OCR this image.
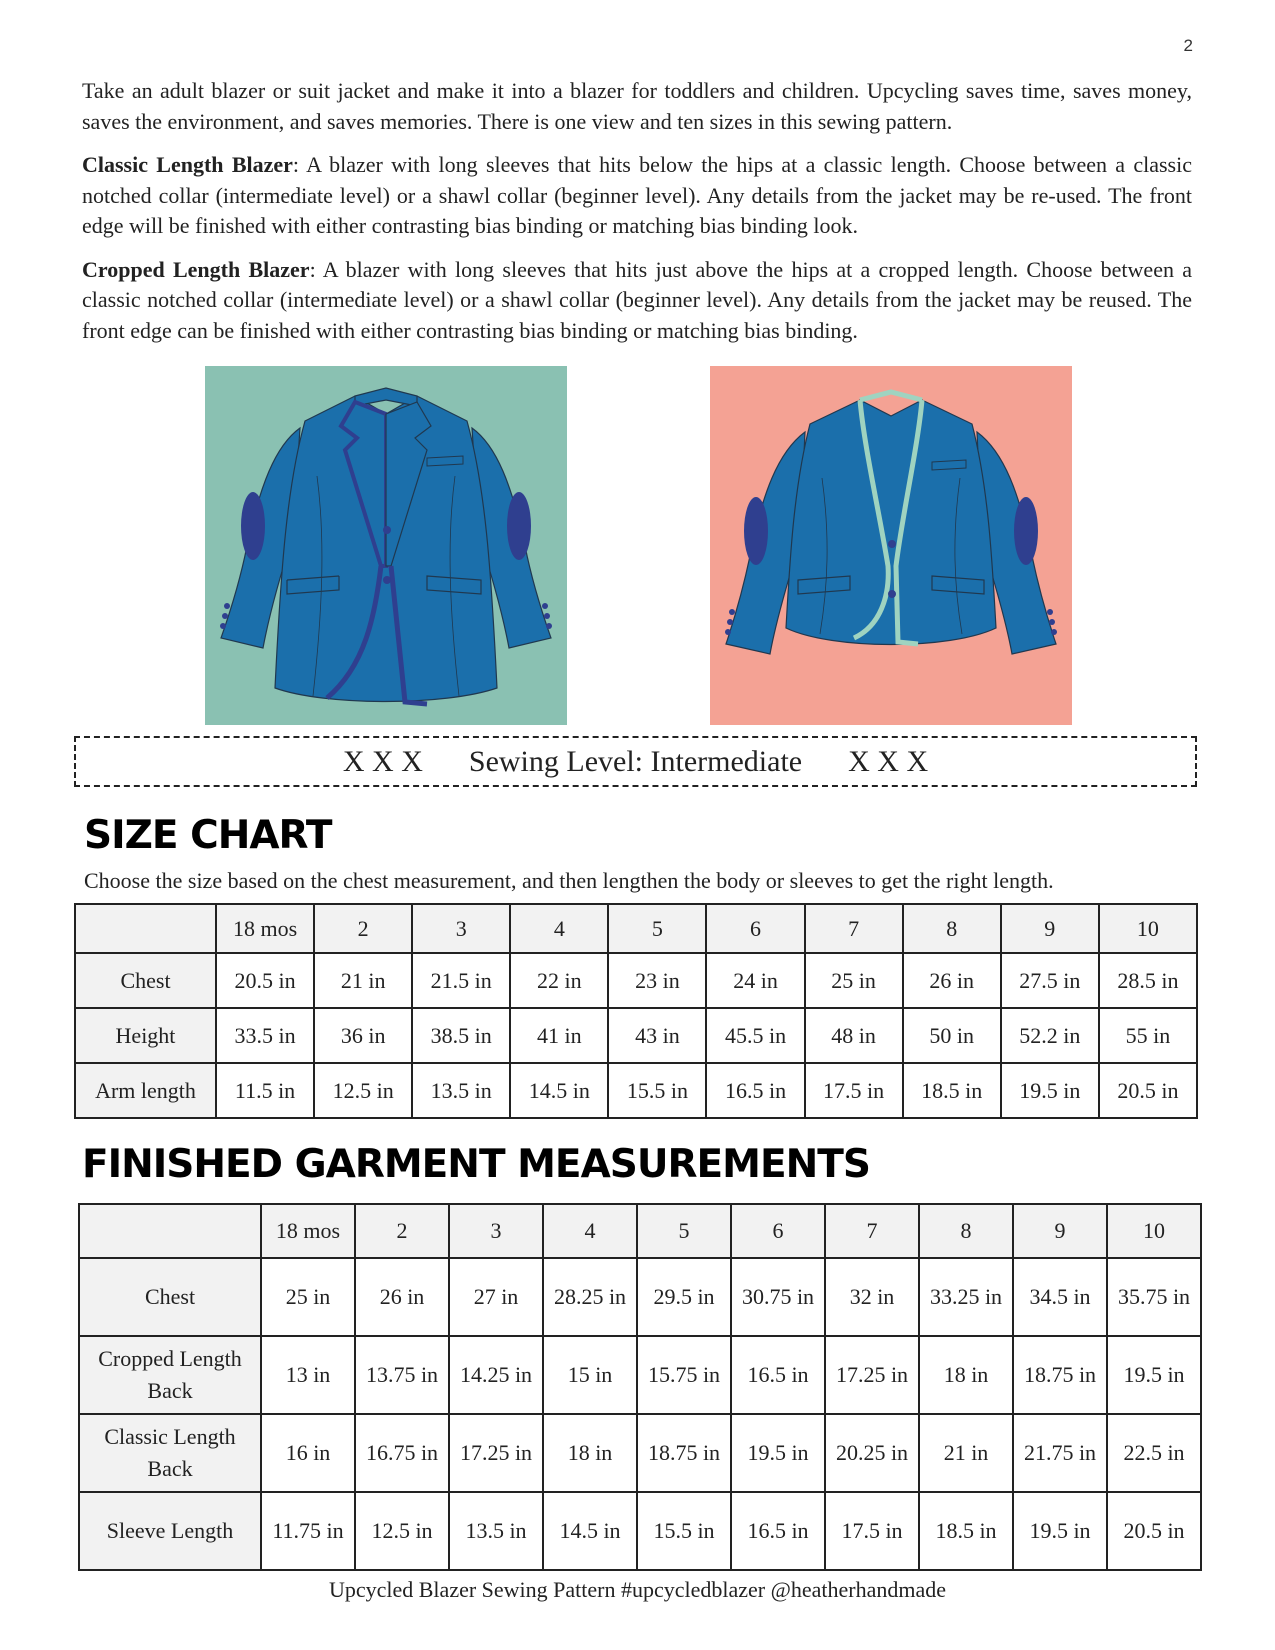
2

Take an adult blazer or suit jacket and make it into a blazer for toddlers and children. Upcycling saves time, saves money, saves the environment, and saves memories. There is one view and ten sizes in this sewing pattern.

Classic Length Blazer: A blazer with long sleeves that hits below the hips at a classic length. Choose between a classic notched collar (intermediate level) or a shawl collar (beginner level). Any details from the jacket may be re-used. The front edge will be finished with either contrasting bias binding or matching bias binding look.

Cropped Length Blazer: A blazer with long sleeves that hits just above the hips at a cropped length. Choose between a classic notched collar (intermediate level) or a shawl collar (beginner level). Any details from the jacket may be reused. The front edge can be finished with either contrasting bias binding or matching bias binding.

X X X Sewing Level: Intermediate X X X
SIZE CHART
Choose the size based on the chest measurement, and then lengthen the body or sleeves to get the right length.
	18 mos	2	3	4	5	6	7	8	9	10
Chest	20.5 in	21 in	21.5 in	22 in	23 in	24 in	25 in	26 in	27.5 in	28.5 in
Height	33.5 in	36 in	38.5 in	41 in	43 in	45.5 in	48 in	50 in	52.2 in	55 in
Arm length	11.5 in	12.5 in	13.5 in	14.5 in	15.5 in	16.5 in	17.5 in	18.5 in	19.5 in	20.5 in
FINISHED GARMENT MEASUREMENTS
	18 mos	2	3	4	5	6	7	8	9	10
Chest	25 in	26 in	27 in	28.25 in	29.5 in	30.75 in	32 in	33.25 in	34.5 in	35.75 in
Cropped Length Back	13 in	13.75 in	14.25 in	15 in	15.75 in	16.5 in	17.25 in	18 in	18.75 in	19.5 in
Classic Length Back	16 in	16.75 in	17.25 in	18 in	18.75 in	19.5 in	20.25 in	21 in	21.75 in	22.5 in
Sleeve Length	11.75 in	12.5 in	13.5 in	14.5 in	15.5 in	16.5 in	17.5 in	18.5 in	19.5 in	20.5 in
Upcycled Blazer Sewing Pattern #upcycledblazer @heatherhandmade
